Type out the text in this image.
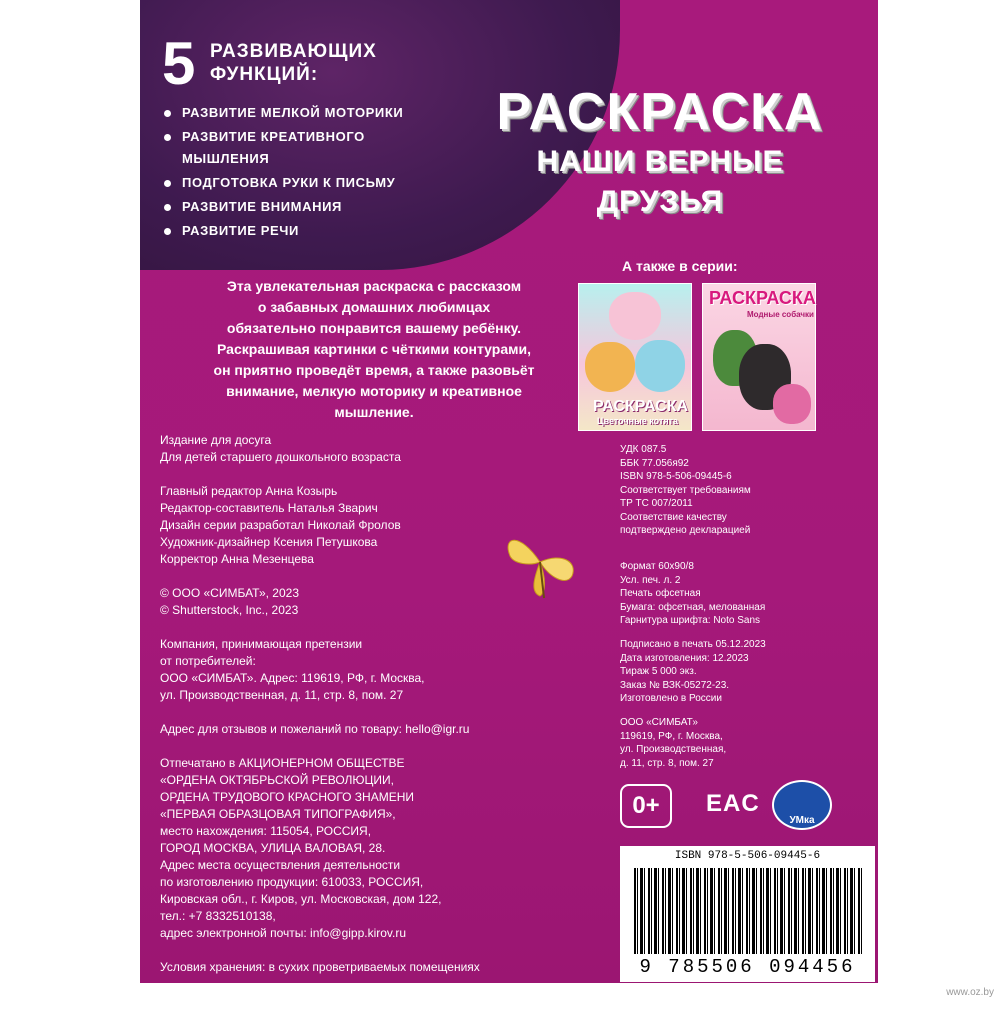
5 РАЗВИВАЮЩИХ
ФУНКЦИЙ:
РАЗВИТИЕ МЕЛКОЙ МОТОРИКИ
РАЗВИТИЕ КРЕАТИВНОГО МЫШЛЕНИЯ
ПОДГОТОВКА РУКИ К ПИСЬМУ
РАЗВИТИЕ ВНИМАНИЯ
РАЗВИТИЕ РЕЧИ
РАСКРАСКА
НАШИ ВЕРНЫЕ
ДРУЗЬЯ
А также в серии:
РАСКРАСКА
Цветочные котята
РАСКРАСКА
Модные собачки
Эта увлекательная раскраска с рассказом
о забавных домашних любимцах
обязательно понравится вашему ребёнку.
Раскрашивая картинки с чёткими контурами,
он приятно проведёт время, а также разовьёт
внимание, мелкую моторику и креативное
мышление.
Издание для досуга
Для детей старшего дошкольного возраста
Главный редактор Анна Козырь
Редактор-составитель Наталья Зварич
Дизайн серии разработал Николай Фролов
Художник-дизайнер Ксения Петушкова
Корректор Анна Мезенцева
© ООО «СИМБАТ», 2023
© Shutterstock, Inc., 2023
Компания, принимающая претензии
от потребителей:
ООО «СИМБАТ». Адрес: 119619, РФ, г. Москва,
ул. Производственная, д. 11, стр. 8, пом. 27
Адрес для отзывов и пожеланий по товару: hello@igr.ru
Отпечатано в АКЦИОНЕРНОМ ОБЩЕСТВЕ
«ОРДЕНА ОКТЯБРЬСКОЙ РЕВОЛЮЦИИ,
ОРДЕНА ТРУДОВОГО КРАСНОГО ЗНАМЕНИ
«ПЕРВАЯ ОБРАЗЦОВАЯ ТИПОГРАФИЯ»,
место нахождения: 115054, РОССИЯ,
ГОРОД МОСКВА, УЛИЦА ВАЛОВАЯ, 28.
Адрес места осуществления деятельности
по изготовлению продукции: 610033, РОССИЯ,
Кировская обл., г. Киров, ул. Московская, дом 122,
тел.: +7 8332510138,
адрес электронной почты: info@gipp.kirov.ru
Условия хранения: в сухих проветриваемых помещениях
Элементы рисунка размером менее 5 мм не предназначены
для раскрашивания
УДК 087.5
ББК 77.056я92
ISBN 978-5-506-09445-6
Соответствует требованиям
ТР ТС 007/2011
Соответствие качеству
подтверждено декларацией
Формат 60х90/8
Усл. печ. л. 2
Печать офсетная
Бумага: офсетная, мелованная
Гарнитура шрифта: Noto Sans
Подписано в печать 05.12.2023
Дата изготовления: 12.2023
Тираж 5 000 экз.
Заказ № ВЗК-05272-23.
Изготовлено в России
ООО «СИМБАТ»
119619, РФ, г. Москва,
ул. Производственная,
д. 11, стр. 8, пом. 27
0+	EAC
УМка
ISBN 978-5-506-09445-6
9 785506 094456
www.oz.by
